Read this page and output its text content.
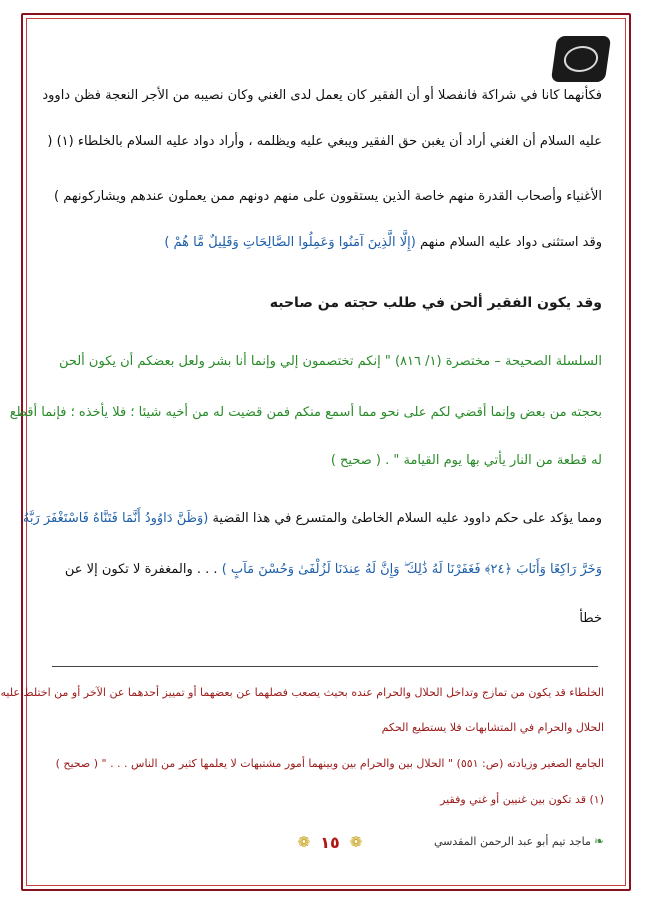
فكأنهما كانا في شراكة فانفصلا أو أن الفقير كان يعمل لدى الغني وكان نصيبه من الأجر النعجة فظن داوود
عليه السلام أن الغني أراد أن يغبن حق الفقير ويبغي عليه ويظلمه ، وأراد دواد عليه السلام بالخلطاء (١) (
الأغنياء وأصحاب القدرة منهم خاصة الذين يستقوون على منهم دونهم ممن يعملون عندهم ويشاركونهم )
وقد استثنى دواد عليه السلام منهم (إِلَّا الَّذِينَ آمَنُوا وَعَمِلُوا الصَّالِحَاتِ وَقَلِيلٌ مَّا هُمْ )
وقد يكون الفقير ألحن في طلب حجته من صاحبه
السلسلة الصحيحة – مختصرة (١/ ٨١٦) " إنكم تختصمون إلي وإنما أنا بشر ولعل بعضكم أن يكون ألحن
بحجته من بعض وإنما أقضي لكم على نحو مما أسمع منكم فمن قضيت له من أخيه شيئا ؛ فلا يأخذه ؛ فإنما أقطع
له قطعة من النار يأتي بها يوم القيامة " . ( صحيح )
ومما يؤكد على حكم داوود عليه السلام الخاطئ والمتسرع في هذا القضية (وَظَنَّ دَاوُودُ أَنَّمَا فَتَنَّاهُ فَاسْتَغْفَرَ رَبَّهُ
وَخَرَّ رَاكِعًا وَأَنَابَ ﴿٢٤﴾ فَغَفَرْنَا لَهُ ذَٰلِكَ ۖ وَإِنَّ لَهُ عِندَنَا لَزُلْفَىٰ وَحُسْنَ مَآبٍ ) . . . والمغفرة لا تكون إلا عن
خطأ
الخلطاء قد يكون من تمازج وتداخل الحلال والحرام عنده بحيث يصعب فصلهما عن بعضهما أو تمييز أحدهما عن الآخر أو من اختلط عليه
الحلال والحرام في المتشابهات فلا يستطيع الحكم
الجامع الصغير وزيادته (ص: ٥٥١) " الحلال بين والحرام بين وبينهما أمور مشتبهات لا يعلمها كثير من الناس . . . " ( صحيح )
(١) قد تكون بين غنيين أو غني وفقير
❧ماجد تيم أبو عبد الرحمن المقدسي
❁ ١٥ ❁
